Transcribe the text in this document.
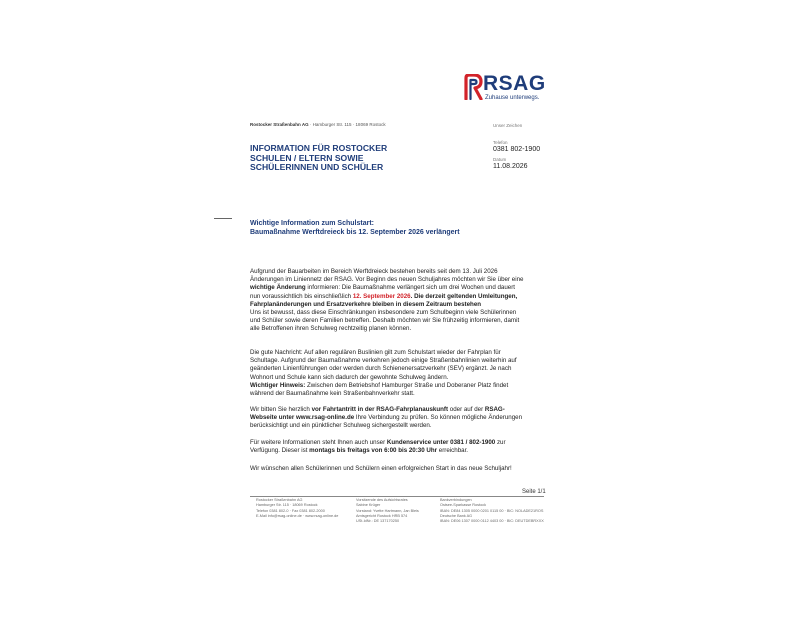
RSAG
Zuhause unterwegs.
Rostocker Straßenbahn AG · Hamburger Str. 115 · 18069 Rostock	Unser Zeichen
Telefon
0381 802-1900
Datum
11.08.2026
INFORMATION FÜR ROSTOCKER
SCHULEN / ELTERN SOWIE
SCHÜLERINNEN UND SCHÜLER
Wichtige Information zum Schulstart:
Baumaßnahme Werftdreieck bis 12. September 2026 verlängert
Aufgrund der Bauarbeiten im Bereich Werftdreieck bestehen bereits seit dem 13. Juli 2026
Änderungen im Liniennetz der RSAG. Vor Beginn des neuen Schuljahres möchten wir Sie über eine
wichtige Änderung informieren: Die Baumaßnahme verlängert sich um drei Wochen und dauert
nun voraussichtlich bis einschließlich 12. September 2026. Die derzeit geltenden Umleitungen,
Fahrplanänderungen und Ersatzverkehre bleiben in diesem Zeitraum bestehen
Uns ist bewusst, dass diese Einschränkungen insbesondere zum Schulbeginn viele Schülerinnen
und Schüler sowie deren Familien betreffen. Deshalb möchten wir Sie frühzeitig informieren, damit
alle Betroffenen ihren Schulweg rechtzeitig planen können.
Die gute Nachricht: Auf allen regulären Buslinien gilt zum Schulstart wieder der Fahrplan für
Schultage. Aufgrund der Baumaßnahme verkehren jedoch einige Straßenbahnlinien weiterhin auf
geänderten Linienführungen oder werden durch Schienenersatzverkehr (SEV) ergänzt. Je nach
Wohnort und Schule kann sich dadurch der gewohnte Schulweg ändern.
Wichtiger Hinweis: Zwischen dem Betriebshof Hamburger Straße und Doberaner Platz findet
während der Baumaßnahme kein Straßenbahnverkehr statt.
Wir bitten Sie herzlich vor Fahrtantritt in der RSAG-Fahrplanauskunft oder auf der RSAG-
Webseite unter www.rsag-online.de Ihre Verbindung zu prüfen. So können mögliche Änderungen
berücksichtigt und ein pünktlicher Schulweg sichergestellt werden.
Für weitere Informationen steht Ihnen auch unser Kundenservice unter 0381 / 802-1900 zur
Verfügung. Dieser ist montags bis freitags von 6:00 bis 20:30 Uhr erreichbar.
Wir wünschen allen Schülerinnen und Schülern einen erfolgreichen Start in das neue Schuljahr!
Seite 1/1
Rostocker Straßenbahn AG
Hamburger Str. 115 · 18069 Rostock
Telefon 0381 802-0 · Fax 0381 802-2000
E-Mail info@rsag-online.de · www.rsag-online.de
Vorsitzende des Aufsichtsrates
Sabine Krüger
Vorstand: Yvette Hartmann, Jan Bleis
Amtsgericht Rostock HRB 574
USt-IdNr.: DE 137170250
Bankverbindungen
Ostsee-Sparkasse Rostock
IBAN: DE84 1305 0000 0201 0115 00 · BIC: NOLADE21ROS
Deutsche Bank AG
IBAN: DE06 1307 0000 0112 4403 00 · BIC: DEUTDEBRXXX
